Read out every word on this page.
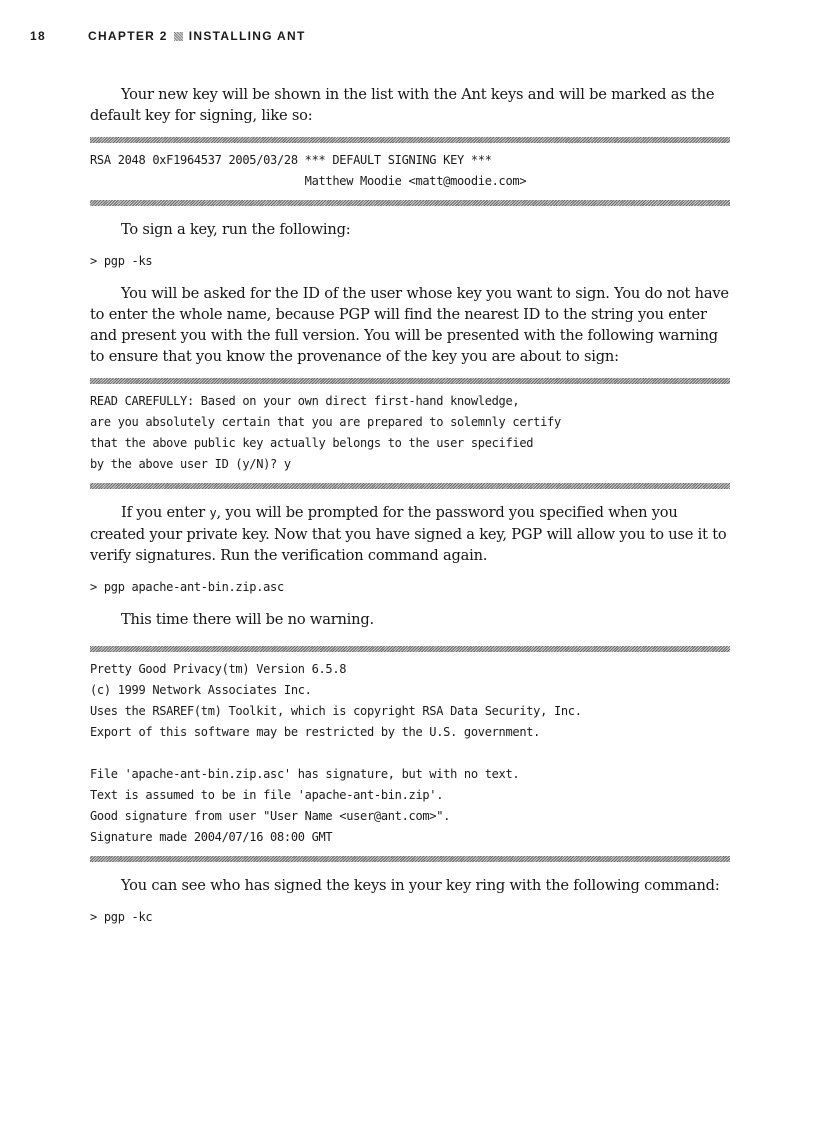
18	CHAPTER 2 INSTALLING ANT

Your new key will be shown in the list with the Ant keys and will be marked as the default key for signing, like so:

RSA 2048 0xF1964537 2005/03/28 *** DEFAULT SIGNING KEY ***
Matthew Moodie <matt@moodie.com>

To sign a key, run the following:

> pgp -ks

You will be asked for the ID of the user whose key you want to sign. You do not have to enter the whole name, because PGP will find the nearest ID to the string you enter and present you with the full version. You will be presented with the following warning to ensure that you know the provenance of the key you are about to sign:

READ CAREFULLY: Based on your own direct first-hand knowledge,
are you absolutely certain that you are prepared to solemnly certify
that the above public key actually belongs to the user specified
by the above user ID (y/N)? y

If you enter y, you will be prompted for the password you specified when you created your private key. Now that you have signed a key, PGP will allow you to use it to verify signatures. Run the verification command again.

> pgp apache-ant-bin.zip.asc

This time there will be no warning.

Pretty Good Privacy(tm) Version 6.5.8
(c) 1999 Network Associates Inc.
Uses the RSAREF(tm) Toolkit, which is copyright RSA Data Security, Inc.
Export of this software may be restricted by the U.S. government.

File 'apache-ant-bin.zip.asc' has signature, but with no text.
Text is assumed to be in file 'apache-ant-bin.zip'.
Good signature from user "User Name <user@ant.com>".
Signature made 2004/07/16 08:00 GMT

You can see who has signed the keys in your key ring with the following command:

> pgp -kc
